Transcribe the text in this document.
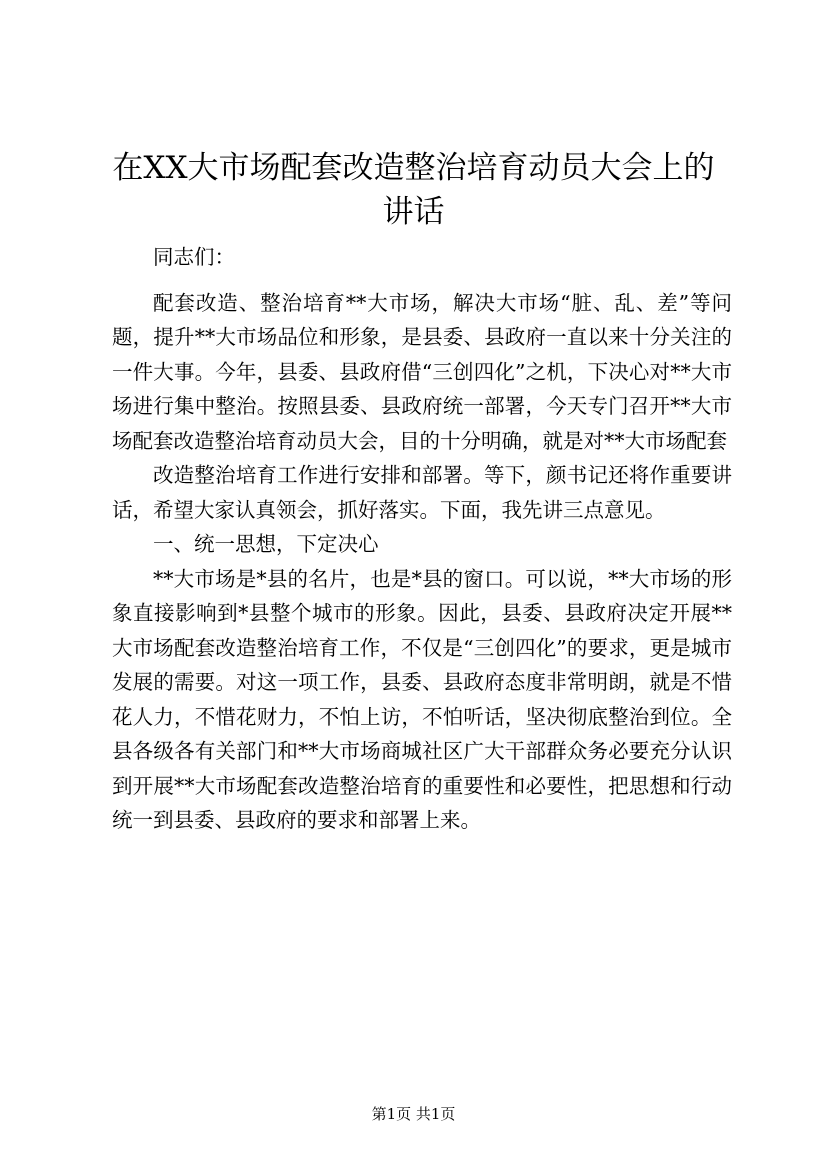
在XX大市场配套改造整治培育动员大会上的
讲话

同志们：

配套改造、整治培育**大市场，解决大市场“脏、乱、差”等问题，提升**大市场品位和形象，是县委、县政府一直以来十分关注的一件大事。今年，县委、县政府借“三创四化”之机，下决心对**大市场进行集中整治。按照县委、县政府统一部署，今天专门召开**大市场配套改造整治培育动员大会，目的十分明确，就是对**大市场配套

改造整治培育工作进行安排和部署。等下，颜书记还将作重要讲话，希望大家认真领会，抓好落实。下面，我先讲三点意见。

一、统一思想，下定决心

**大市场是*县的名片，也是*县的窗口。可以说，**大市场的形象直接影响到*县整个城市的形象。因此，县委、县政府决定开展**大市场配套改造整治培育工作，不仅是“三创四化”的要求，更是城市发展的需要。对这一项工作，县委、县政府态度非常明朗，就是不惜花人力，不惜花财力，不怕上访，不怕听话，坚决彻底整治到位。全县各级各有关部门和**大市场商城社区广大干部群众务必要充分认识到开展**大市场配套改造整治培育的重要性和必要性，把思想和行动统一到县委、县政府的要求和部署上来。

第1页 共1页
